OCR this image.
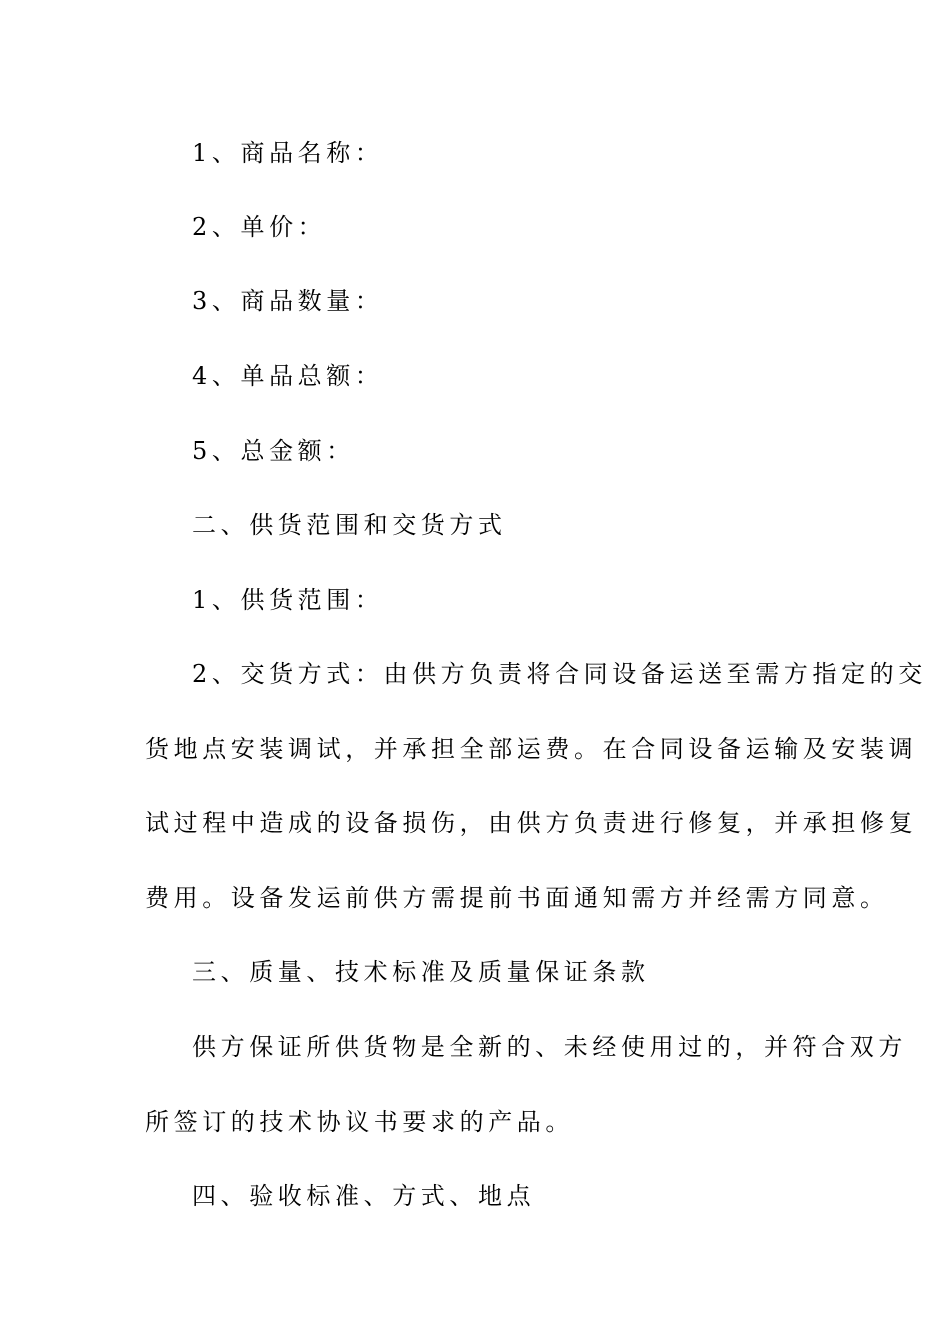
1、商品名称：
2、单价：
3、商品数量：
4、单品总额：
5、总金额：
二、供货范围和交货方式
1、供货范围：
2、交货方式：由供方负责将合同设备运送至需方指定的交
货地点安装调试，并承担全部运费。在合同设备运输及安装调
试过程中造成的设备损伤，由供方负责进行修复，并承担修复
费用。设备发运前供方需提前书面通知需方并经需方同意。
三、质量、技术标准及质量保证条款
供方保证所供货物是全新的、未经使用过的，并符合双方
所签订的技术协议书要求的产品。
四、验收标准、方式、地点
